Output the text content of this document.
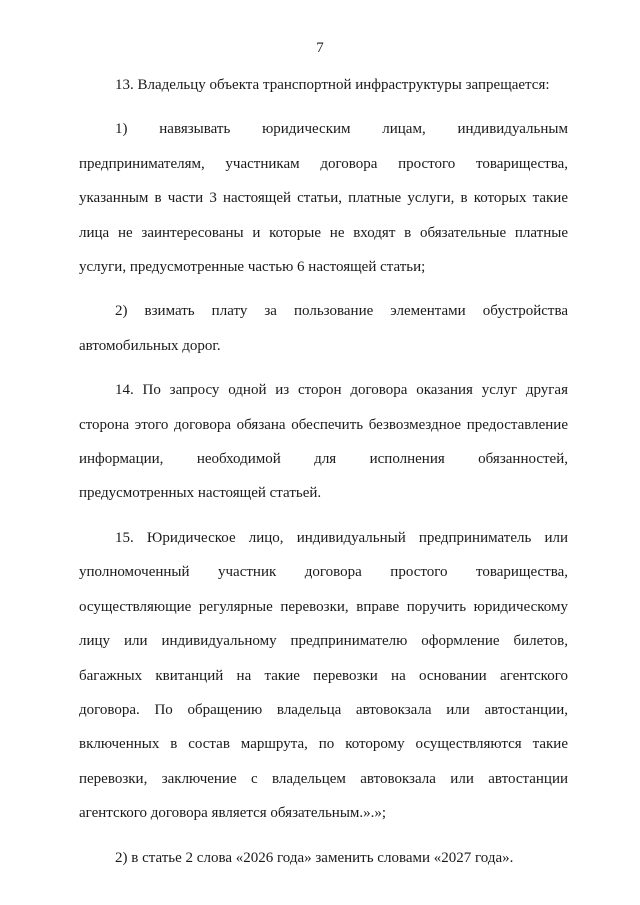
7
13. Владельцу объекта транспортной инфраструктуры запрещается:
1) навязывать юридическим лицам, индивидуальным
предпринимателям, участникам договора простого товарищества,
указанным в части 3 настоящей статьи, платные услуги, в которых такие
лица не заинтересованы и которые не входят в обязательные платные
услуги, предусмотренные частью 6 настоящей статьи;
2) взимать плату за пользование элементами обустройства
автомобильных дорог.
14. По запросу одной из сторон договора оказания услуг другая
сторона этого договора обязана обеспечить безвозмездное предоставление
информации, необходимой для исполнения обязанностей,
предусмотренных настоящей статьей.
15. Юридическое лицо, индивидуальный предприниматель или
уполномоченный участник договора простого товарищества,
осуществляющие регулярные перевозки, вправе поручить юридическому
лицу или индивидуальному предпринимателю оформление билетов,
багажных квитанций на такие перевозки на основании агентского
договора. По обращению владельца автовокзала или автостанции,
включенных в состав маршрута, по которому осуществляются такие
перевозки, заключение с владельцем автовокзала или автостанции
агентского договора является обязательным.».»;
2) в статье 2 слова «2026 года» заменить словами «2027 года».
